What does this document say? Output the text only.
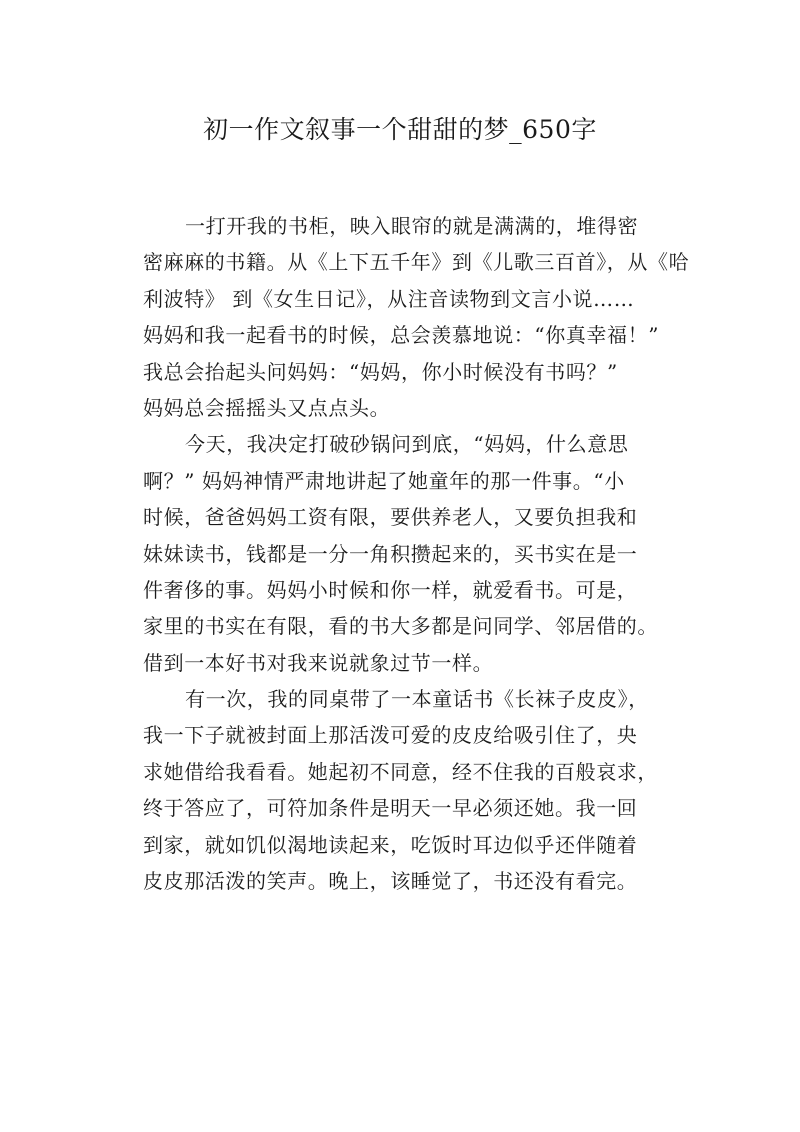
初一作文叙事一个甜甜的梦_650字
一打开我的书柜，映入眼帘的就是满满的，堆得密
密麻麻的书籍。从《上下五千年》到《儿歌三百首》，从《哈
利波特》 到《女生日记》，从注音读物到文言小说……
妈妈和我一起看书的时候，总会羡慕地说：“你真幸福！”
我总会抬起头问妈妈：“妈妈，你小时候没有书吗？”
妈妈总会摇摇头又点点头。
今天，我决定打破砂锅问到底，“妈妈，什么意思
啊？” 妈妈神情严肃地讲起了她童年的那一件事。“小
时候，爸爸妈妈工资有限，要供养老人，又要负担我和
妹妹读书，钱都是一分一角积攒起来的，买书实在是一
件奢侈的事。妈妈小时候和你一样，就爱看书。可是，
家里的书实在有限，看的书大多都是问同学、邻居借的。
借到一本好书对我来说就象过节一样。
有一次，我的同桌带了一本童话书《长袜子皮皮》，
我一下子就被封面上那活泼可爱的皮皮给吸引住了，央
求她借给我看看。她起初不同意，经不住我的百般哀求，
终于答应了，可符加条件是明天一早必须还她。我一回
到家，就如饥似渴地读起来，吃饭时耳边似乎还伴随着
皮皮那活泼的笑声。晚上，该睡觉了，书还没有看完。
